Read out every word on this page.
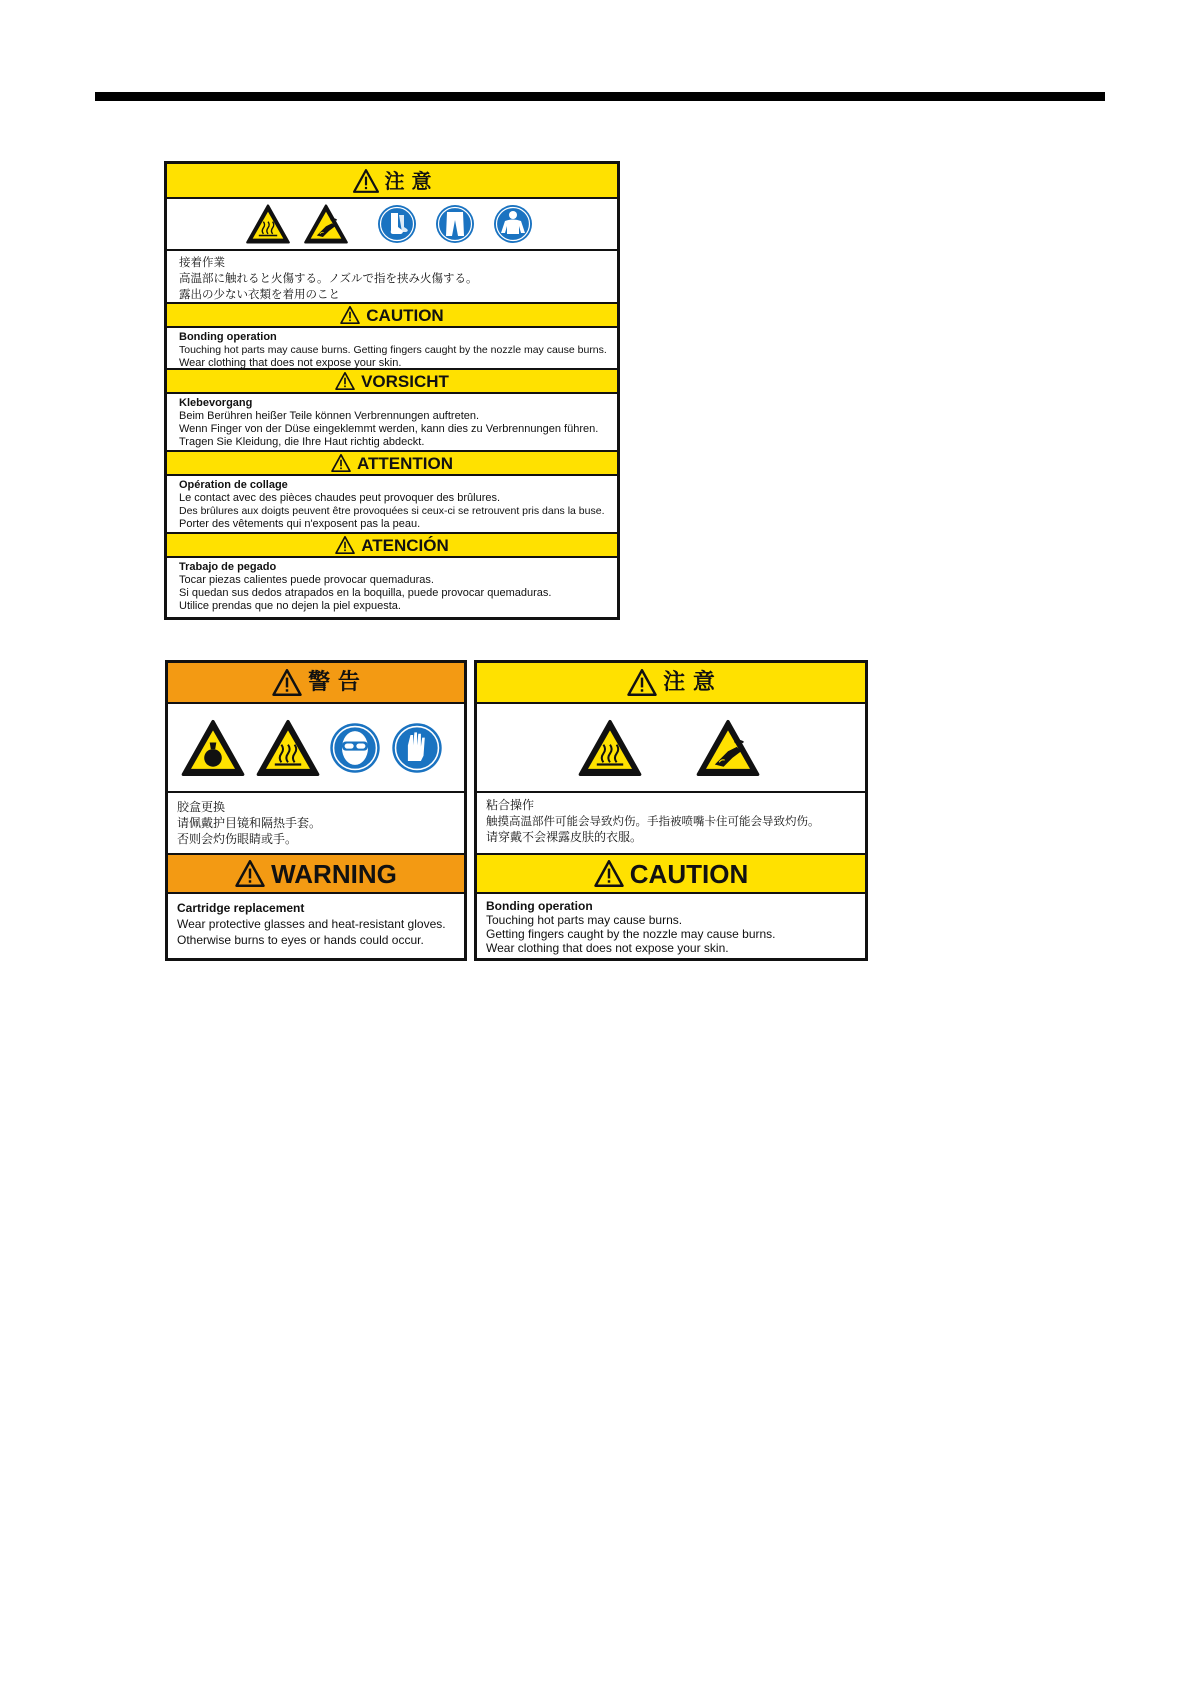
注 意
接着作業
高温部に触れると火傷する。ノズルで指を挟み火傷する。
露出の少ない衣類を着用のこと
CAUTION
Bonding operation
Touching hot parts may cause burns. Getting fingers caught by the nozzle may cause burns.
Wear clothing that does not expose your skin.
VORSICHT
Klebevorgang
Beim Berühren heißer Teile können Verbrennungen auftreten.
Wenn Finger von der Düse eingeklemmt werden, kann dies zu Verbrennungen führen.
Tragen Sie Kleidung, die Ihre Haut richtig abdeckt.
ATTENTION
Opération de collage
Le contact avec des pièces chaudes peut provoquer des brûlures.
Des brûlures aux doigts peuvent être provoquées si ceux-ci se retrouvent pris dans la buse.
Porter des vêtements qui n'exposent pas la peau.
ATENCIÓN
Trabajo de pegado
Tocar piezas calientes puede provocar quemaduras.
Si quedan sus dedos atrapados en la boquilla, puede provocar quemaduras.
Utilice prendas que no dejen la piel expuesta.
警 告
胶盒更换
请佩戴护目镜和隔热手套。
否则会灼伤眼睛或手。
WARNING
Cartridge replacement
Wear protective glasses and heat-resistant gloves.
Otherwise burns to eyes or hands could occur.
注 意
粘合操作
触摸高温部件可能会导致灼伤。手指被喷嘴卡住可能会导致灼伤。
请穿戴不会裸露皮肤的衣服。
CAUTION
Bonding operation
Touching hot parts may cause burns.
Getting fingers caught by the nozzle may cause burns.
Wear clothing that does not expose your skin.
